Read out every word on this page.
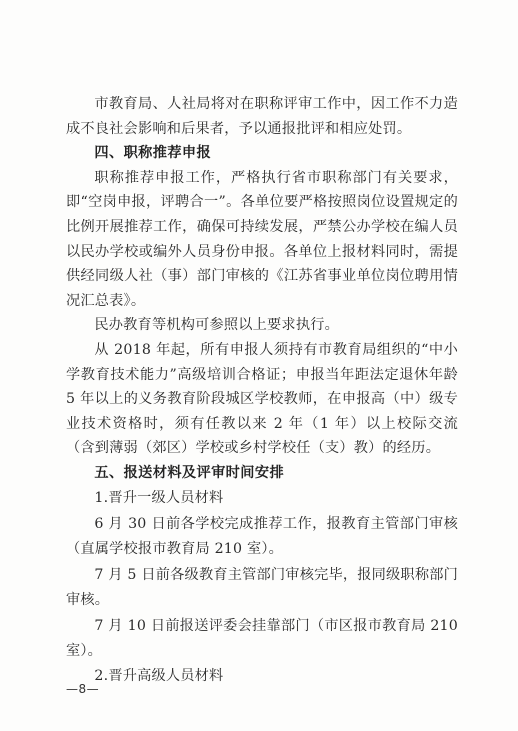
市教育局、人社局将对在职称评审工作中，因工作不力造成不良社会影响和后果者，予以通报批评和相应处罚。

四、职称推荐申报

职称推荐申报工作，严格执行省市职称部门有关要求，即“空岗申报，评聘合一”。各单位要严格按照岗位设置规定的比例开展推荐工作，确保可持续发展，严禁公办学校在编人员以民办学校或编外人员身份申报。各单位上报材料同时，需提供经同级人社（事）部门审核的《江苏省事业单位岗位聘用情况汇总表》。

民办教育等机构可参照以上要求执行。

从 2018 年起，所有申报人须持有市教育局组织的“中小学教育技术能力”高级培训合格证；申报当年距法定退休年龄 5 年以上的义务教育阶段城区学校教师，在申报高（中）级专业技术资格时，须有任教以来 2 年（1 年）以上校际交流（含到薄弱（郊区）学校或乡村学校任（支）教）的经历。

五、报送材料及评审时间安排

1.晋升一级人员材料

6 月 30 日前各学校完成推荐工作，报教育主管部门审核（直属学校报市教育局 210 室）。

7 月 5 日前各级教育主管部门审核完毕，报同级职称部门审核。

7 月 10 日前报送评委会挂靠部门（市区报市教育局 210 室）。

2.晋升高级人员材料

—8—
